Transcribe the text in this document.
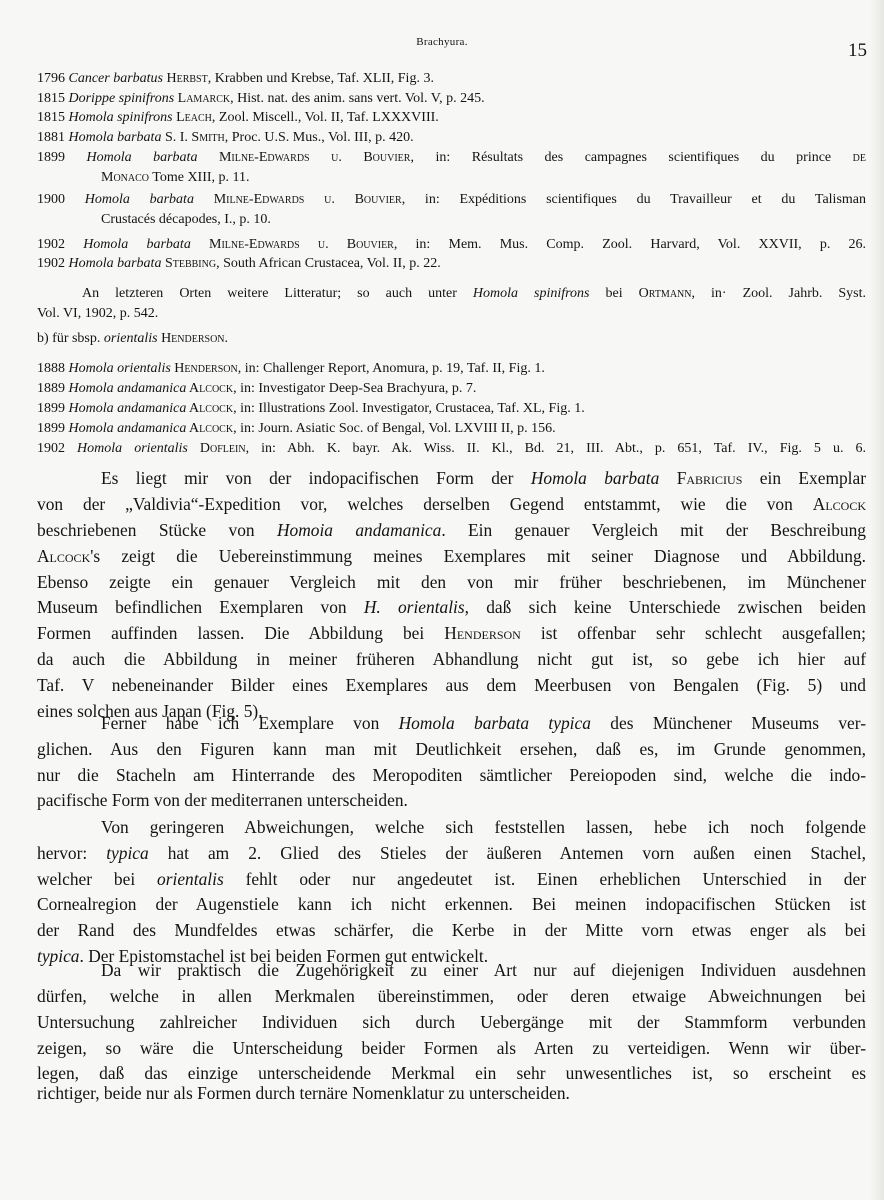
Brachyura.	15
1796 Cancer barbatus Herbst, Krabben und Krebse, Taf. XLII, Fig. 3.
1815 Dorippe spinifrons Lamarck, Hist. nat. des anim. sans vert. Vol. V, p. 245.
1815 Homola spinifrons Leach, Zool. Miscell., Vol. II, Taf. LXXXVIII.
1881 Homola barbata S. I. Smith, Proc. U.S. Mus., Vol. III, p. 420.
1899 Homola barbata Milne-Edwards u. Bouvier, in: Résultats des campagnes scientifiques du prince de
Monaco Tome XIII, p. 11.
1900 Homola barbata Milne-Edwards u. Bouvier, in: Expéditions scientifiques du Travailleur et du Talisman
Crustacés décapodes, I., p. 10.
1902 Homola barbata Milne-Edwards u. Bouvier, in: Mem. Mus. Comp. Zool. Harvard, Vol. XXVII, p. 26.
1902 Homola barbata Stebbing, South African Crustacea, Vol. II, p. 22.
An letzteren Orten weitere Litteratur; so auch unter Homola spinifrons bei Ortmann, in· Zool. Jahrb. Syst.
Vol. VI, 1902, p. 542.
b) für sbsp. orientalis Henderson.
1888 Homola orientalis Henderson, in: Challenger Report, Anomura, p. 19, Taf. II, Fig. 1.
1889 Homola andamanica Alcock, in: Investigator Deep-Sea Brachyura, p. 7.
1899 Homola andamanica Alcock, in: Illustrations Zool. Investigator, Crustacea, Taf. XL, Fig. 1.
1899 Homola andamanica Alcock, in: Journ. Asiatic Soc. of Bengal, Vol. LXVIII II, p. 156.
1902 Homola orientalis Doflein, in: Abh. K. bayr. Ak. Wiss. II. Kl., Bd. 21, III. Abt., p. 651, Taf. IV., Fig. 5 u. 6.
Es liegt mir von der indopacifischen Form der Homola barbata Fabricius ein Exemplar
von der „Valdivia“-Expedition vor, welches derselben Gegend entstammt, wie die von Alcock
beschriebenen Stücke von Homoia andamanica. Ein genauer Vergleich mit der Beschreibung
Alcock's zeigt die Uebereinstimmung meines Exemplares mit seiner Diagnose und Abbildung.
Ebenso zeigte ein genauer Vergleich mit den von mir früher beschriebenen, im Münchener
Museum befindlichen Exemplaren von H. orientalis, daß sich keine Unterschiede zwischen beiden
Formen auffinden lassen. Die Abbildung bei Henderson ist offenbar sehr schlecht ausgefallen;
da auch die Abbildung in meiner früheren Abhandlung nicht gut ist, so gebe ich hier auf
Taf. V nebeneinander Bilder eines Exemplares aus dem Meerbusen von Bengalen (Fig. 5) und
eines solchen aus Japan (Fig. 5).
Ferner habe ich Exemplare von Homola barbata typica des Münchener Museums ver-
glichen. Aus den Figuren kann man mit Deutlichkeit ersehen, daß es, im Grunde genommen,
nur die Stacheln am Hinterrande des Meropoditen sämtlicher Pereiopoden sind, welche die indo-
pacifische Form von der mediterranen unterscheiden.
Von geringeren Abweichungen, welche sich feststellen lassen, hebe ich noch folgende
hervor: typica hat am 2. Glied des Stieles der äußeren Antemen vorn außen einen Stachel,
welcher bei orientalis fehlt oder nur angedeutet ist. Einen erheblichen Unterschied in der
Cornealregion der Augenstiele kann ich nicht erkennen. Bei meinen indopacifischen Stücken ist
der Rand des Mundfeldes etwas schärfer, die Kerbe in der Mitte vorn etwas enger als bei
typica. Der Epistomstachel ist bei beiden Formen gut entwickelt.
Da wir praktisch die Zugehörigkeit zu einer Art nur auf diejenigen Individuen ausdehnen
dürfen, welche in allen Merkmalen übereinstimmen, oder deren etwaige Abweichnungen bei
Untersuchung zahlreicher Individuen sich durch Uebergänge mit der Stammform verbunden
zeigen, so wäre die Unterscheidung beider Formen als Arten zu verteidigen. Wenn wir über-
legen, daß das einzige unterscheidende Merkmal ein sehr unwesentliches ist, so erscheint es
richtiger, beide nur als Formen durch ternäre Nomenklatur zu unterscheiden.
